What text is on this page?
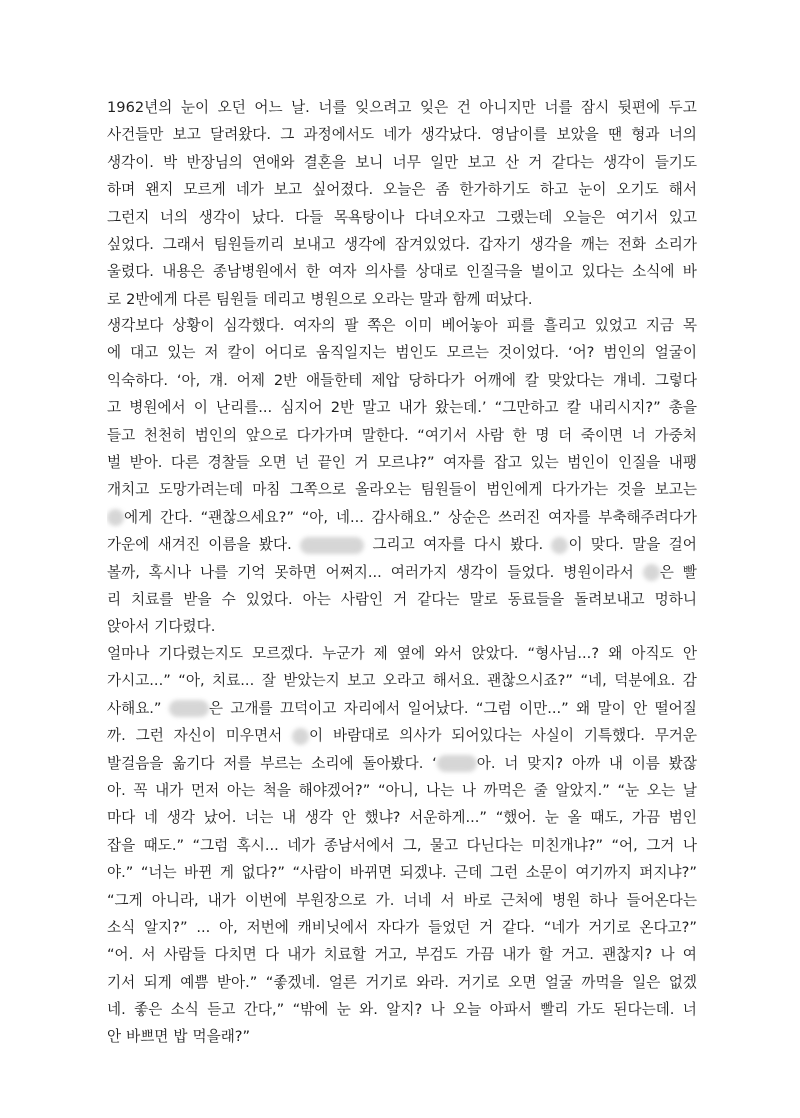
1962년의 눈이 오던 어느 날. 너를 잊으려고 잊은 건 아니지만 너를 잠시 뒷편에 두고
사건들만 보고 달려왔다. 그 과정에서도 네가 생각났다. 영남이를 보았을 땐 형과 너의
생각이. 박 반장님의 연애와 결혼을 보니 너무 일만 보고 산 거 같다는 생각이 들기도
하며 왠지 모르게 네가 보고 싶어졌다. 오늘은 좀 한가하기도 하고 눈이 오기도 해서
그런지 너의 생각이 났다. 다들 목욕탕이나 다녀오자고 그랬는데 오늘은 여기서 있고
싶었다. 그래서 팀원들끼리 보내고 생각에 잠겨있었다. 갑자기 생각을 깨는 전화 소리가
울렸다. 내용은 종남병원에서 한 여자 의사를 상대로 인질극을 벌이고 있다는 소식에 바
로 2반에게 다른 팀원들 데리고 병원으로 오라는 말과 함께 떠났다.
생각보다 상황이 심각했다. 여자의 팔 쪽은 이미 베어놓아 피를 흘리고 있었고 지금 목
에 대고 있는 저 칼이 어디로 움직일지는 범인도 모르는 것이었다. ‘어? 범인의 얼굴이
익숙하다. ‘아, 걔. 어제 2반 애들한테 제압 당하다가 어깨에 칼 맞았다는 걔네. 그렇다
고 병원에서 이 난리를... 심지어 2반 말고 내가 왔는데.’ “그만하고 칼 내리시지?” 총을
들고 천천히 범인의 앞으로 다가가며 말한다. “여기서 사람 한 명 더 죽이면 너 가중처
벌 받아. 다른 경찰들 오면 넌 끝인 거 모르냐?” 여자를 잡고 있는 범인이 인질을 내팽
개치고 도망가려는데 마침 그쪽으로 올라오는 팀원들이 범인에게 다가가는 것을 보고는
에게 간다. “괜찮으세요?” “아, 네... 감사해요.” 상순은 쓰러진 여자를 부축해주려다가
가운에 새겨진 이름을 봤다.	그리고 여자를 다시 봤다.	이 맞다. 말을 걸어
볼까, 혹시나 나를 기억 못하면 어쩌지... 여러가지 생각이 들었다. 병원이라서	은 빨
리 치료를 받을 수 있었다. 아는 사람인 거 같다는 말로 동료들을 돌려보내고 멍하니
앉아서 기다렸다.
얼마나 기다렸는지도 모르겠다. 누군가 제 옆에 와서 앉았다. “형사님...? 왜 아직도 안
가시고...” “아, 치료... 잘 받았는지 보고 오라고 해서요. 괜찮으시죠?” “네, 덕분에요. 감
사해요.”	은 고개를 끄덕이고 자리에서 일어났다. “그럼 이만...” 왜 말이 안 떨어질
까. 그런 자신이 미우면서	이 바람대로 의사가 되어있다는 사실이 기특했다. 무거운
발걸음을 옮기다 저를 부르는 소리에 돌아봤다. ‘	아. 너 맞지? 아까 내 이름 봤잖
아. 꼭 내가 먼저 아는 척을 해야겠어?” “아니, 나는 나 까먹은 줄 알았지.” “눈 오는 날
마다 네 생각 났어. 너는 내 생각 안 했냐? 서운하게...” “했어. 눈 올 때도, 가끔 범인
잡을 때도.” “그럼 혹시... 네가 종남서에서 그, 물고 다닌다는 미친개냐?” “어, 그거 나
야.” “너는 바뀐 게 없다?” “사람이 바뀌면 되겠냐. 근데 그런 소문이 여기까지 퍼지냐?”
“그게 아니라, 내가 이번에 부원장으로 가. 너네 서 바로 근처에 병원 하나 들어온다는
소식 알지?” ... 아, 저번에 캐비닛에서 자다가 들었던 거 같다. “네가 거기로 온다고?”
“어. 서 사람들 다치면 다 내가 치료할 거고, 부검도 가끔 내가 할 거고. 괜찮지? 나 여
기서 되게 예쁨 받아.” “좋겠네. 얼른 거기로 와라. 거기로 오면 얼굴 까먹을 일은 없겠
네. 좋은 소식 듣고 간다,” “밖에 눈 와. 알지? 나 오늘 아파서 빨리 가도 된다는데. 너
안 바쁘면 밥 먹을래?”
